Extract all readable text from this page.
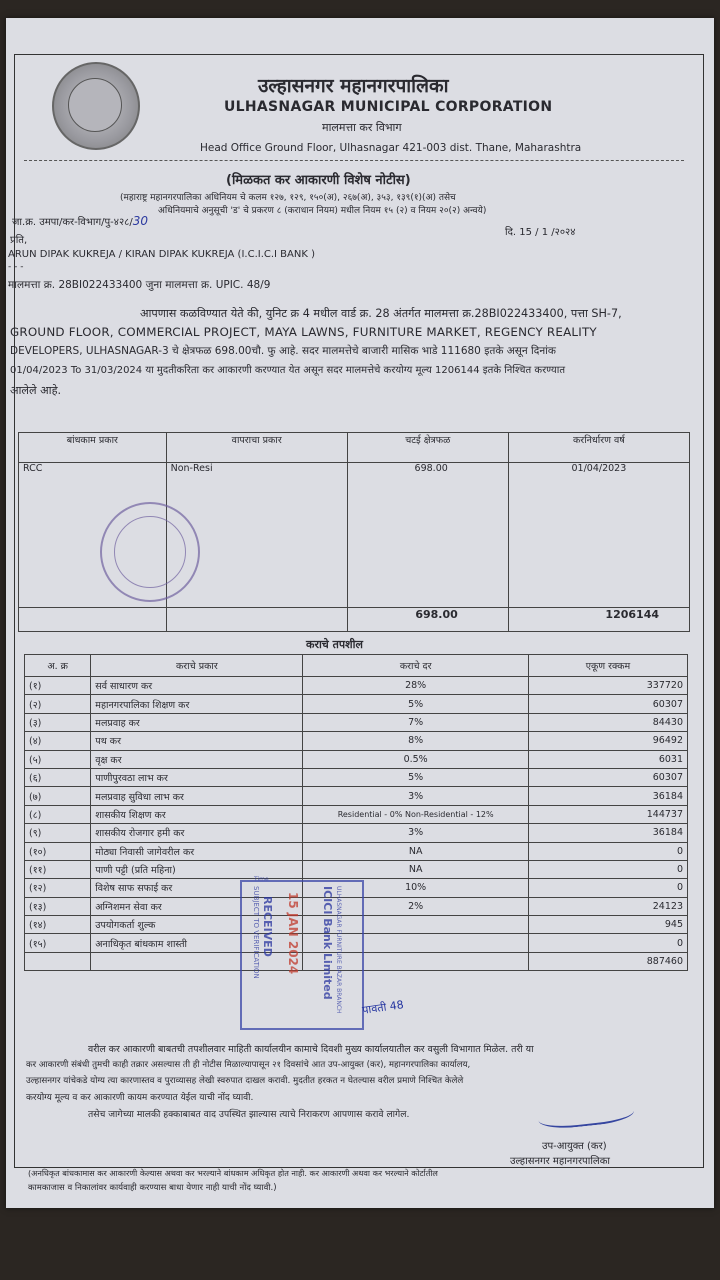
उल्हासनगर महानगरपालिका
ULHASNAGAR MUNICIPAL CORPORATION
मालमत्ता कर विभाग
Head Office Ground Floor, Ulhasnagar 421-003 dist. Thane, Maharashtra
(मिळकत कर आकारणी विशेष नोटीस)
(महाराष्ट्र महानगरपालिका अधिनियम चे कलम १२७, १२९, १५०(अ), २६७(अ), ३५३, १३९(१)(अ) तसेच
अधिनियमाचे अनुसूची 'ड' चे प्रकरण ८ (कराधान नियम) मधील नियम १५ (२) व नियम २०(२) अन्वये)
जा.क्र. उमपा/कर-विभाग/पु-४२८/30
दि. 15 / 1 /२०२४
प्रति,
ARUN DIPAK KUKREJA / KIRAN DIPAK KUKREJA (I.C.I.C.I BANK )
- - -
मालमत्ता क्र. 28BI022433400 जुना मालमत्ता क्र. UPIC. 48/9
आपणास कळविण्यात येते की, युनिट क्र 4 मधील वार्ड क्र. 28 अंतर्गत मालमत्ता क्र.28BI022433400, पत्ता SH-7,
GROUND FLOOR, COMMERCIAL PROJECT, MAYA LAWNS, FURNITURE MARKET, REGENCY REALITY
DEVELOPERS, ULHASNAGAR-3 चे क्षेत्रफळ 698.00चौ. फु आहे. सदर मालमत्तेचे बाजारी मासिक भाडे 111680 इतके असून दिनांक
01/04/2023 To 31/03/2024 या मुदतीकरिता कर आकारणी करण्यात येत असून सदर मालमत्तेचे करयोग्य मूल्य 1206144 इतके निश्चित करण्यात
आलेले आहे.
बांधकाम प्रकार	वापराचा प्रकार	चटई क्षेत्रफळ	करनिर्धारण वर्ष
RCC	Non-Resi	698.00	01/04/2023
		698.00	1206144
कराचे तपशील
अ. क्र	कराचे प्रकार	कराचे दर	एकूण रक्कम
(१)	सर्व साधारण कर	28%	337720
(२)	महानगरपालिका शिक्षण कर	5%	60307
(३)	मलप्रवाह कर	7%	84430
(४)	पथ कर	8%	96492
(५)	वृक्ष कर	0.5%	6031
(६)	पाणीपुरवठा लाभ कर	5%	60307
(७)	मलप्रवाह सुविधा लाभ कर	3%	36184
(८)	शासकीय शिक्षण कर	Residential - 0% Non-Residential - 12%	144737
(९)	शासकीय रोजगार हमी कर	3%	36184
(१०)	मोठ्या निवासी जागेवरील कर	NA	0
(११)	पाणी पट्टी (प्रति महिना)	NA	0
(१२)	विशेष साफ सफाई कर	10%	0
(१३)	अग्निशमन सेवा कर	2%	24123
(१४)	उपयोगकर्ता शुल्क		945
(१५)	अनाधिकृत बांधकाम शास्ती		0
			887460
ICICI Bank Limited ULHASNAGAR FURNITURE BAZAR BRANCH
15 JAN 2024
RECEIVED
SUBJECT TO VERIFICATION
Time
पावती 48
वरील कर आकारणी बाबतची तपशीलवार माहिती कार्यालयीन कामाचे दिवशी मुख्य कार्यालयातील कर वसुली विभागात मिळेल. तरी या
कर आकारणी संबंधी तुमची काही तक्रार असल्यास ती ही नोटीस मिळाल्यापासून २१ दिवसांचे आत उप-आयुक्त (कर), महानगरपालिका कार्यालय,
उल्हासनगर यांचेकडे योग्य त्या कारणास्तव व पुराव्यासह लेखी स्वरुपात दाखल करावी. मुदतीत हरकत न घेतल्यास वरील प्रमाणे निश्चित केलेले
करयोग्य मूल्य व कर आकारणी कायम करण्यात येईल याची नोंद घ्यावी.
तसेच जागेच्या मालकी हक्काबाबत वाद उपस्थित झाल्यास त्याचे निराकरण आपणास करावे लागेल.
उप-आयुक्त (कर)
उल्हासनगर महानगरपालिका
(अनधिकृत बांधकामास कर आकारणी केल्यास अथवा कर भरल्याने बांधकाम अधिकृत होत नाही. कर आकारणी अथवा कर भरल्याने कोर्टातील
कामकाजास व निकालांवर कार्यवाही करण्यास बाधा येणार नाही याची नोंद घ्यावी.)
